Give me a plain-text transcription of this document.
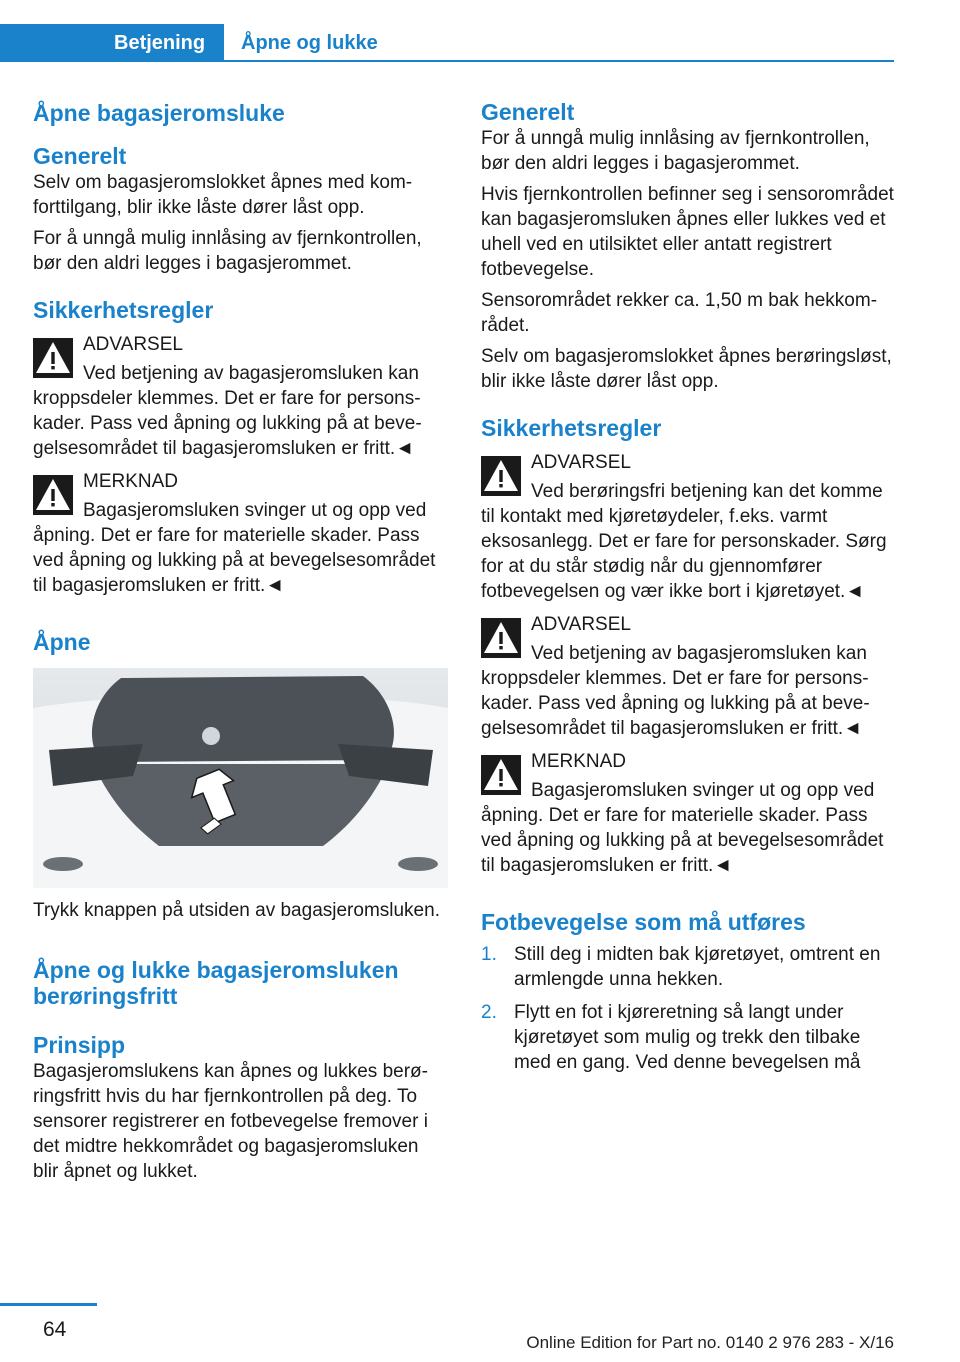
Betjening	Åpne og lukke
Åpne bagasjeromsluke
Generelt

Selv om bagasjeromslokket åpnes med komforttilgang, blir ikke låste dører låst opp.

For å unngå mulig innlåsing av fjernkontrollen, bør den aldri legges i bagasjerommet.

Sikkerhetsregler
ADVARSEL
Ved betjening av bagasjeromsluken kan kroppsdeler klemmes. Det er fare for personskader. Pass ved åpning og lukking på at bevegelsesområdet til bagasjeromsluken er fritt.◄
MERKNAD
Bagasjeromsluken svinger ut og opp ved åpning. Det er fare for materielle skader. Pass ved åpning og lukking på at bevegelsesområdet til bagasjeromsluken er fritt.◄
Åpne

Trykk knappen på utsiden av bagasjeromsluken.

Åpne og lukke bagasjeromsluken berøringsfritt
Prinsipp

Bagasjeromslukens kan åpnes og lukkes berøringsfritt hvis du har fjernkontrollen på deg. To sensorer registrerer en fotbevegelse fremover i det midtre hekkområdet og bagasjeromsluken blir åpnet og lukket.

Generelt

For å unngå mulig innlåsing av fjernkontrollen, bør den aldri legges i bagasjerommet.

Hvis fjernkontrollen befinner seg i sensorområdet kan bagasjeromsluken åpnes eller lukkes ved et uhell ved en utilsiktet eller antatt registrert fotbevegelse.

Sensorområdet rekker ca. 1,50 m bak hekkområdet.

Selv om bagasjeromslokket åpnes berøringsløst, blir ikke låste dører låst opp.

Sikkerhetsregler
ADVARSEL
Ved berøringsfri betjening kan det komme til kontakt med kjøretøydeler, f.eks. varmt eksosanlegg. Det er fare for personskader. Sørg for at du står stødig når du gjennomfører fotbevegelsen og vær ikke bort i kjøretøyet.◄
ADVARSEL
Ved betjening av bagasjeromsluken kan kroppsdeler klemmes. Det er fare for personskader. Pass ved åpning og lukking på at bevegelsesområdet til bagasjeromsluken er fritt.◄
MERKNAD
Bagasjeromsluken svinger ut og opp ved åpning. Det er fare for materielle skader. Pass ved åpning og lukking på at bevegelsesområdet til bagasjeromsluken er fritt.◄
Fotbevegelse som må utføres
1. Still deg i midten bak kjøretøyet, omtrent en armlengde unna hekken.
2. Flytt en fot i kjøreretning så langt under kjøretøyet som mulig og trekk den tilbake med en gang. Ved denne bevegelsen må
64
Online Edition for Part no. 0140 2 976 283 - X/16
